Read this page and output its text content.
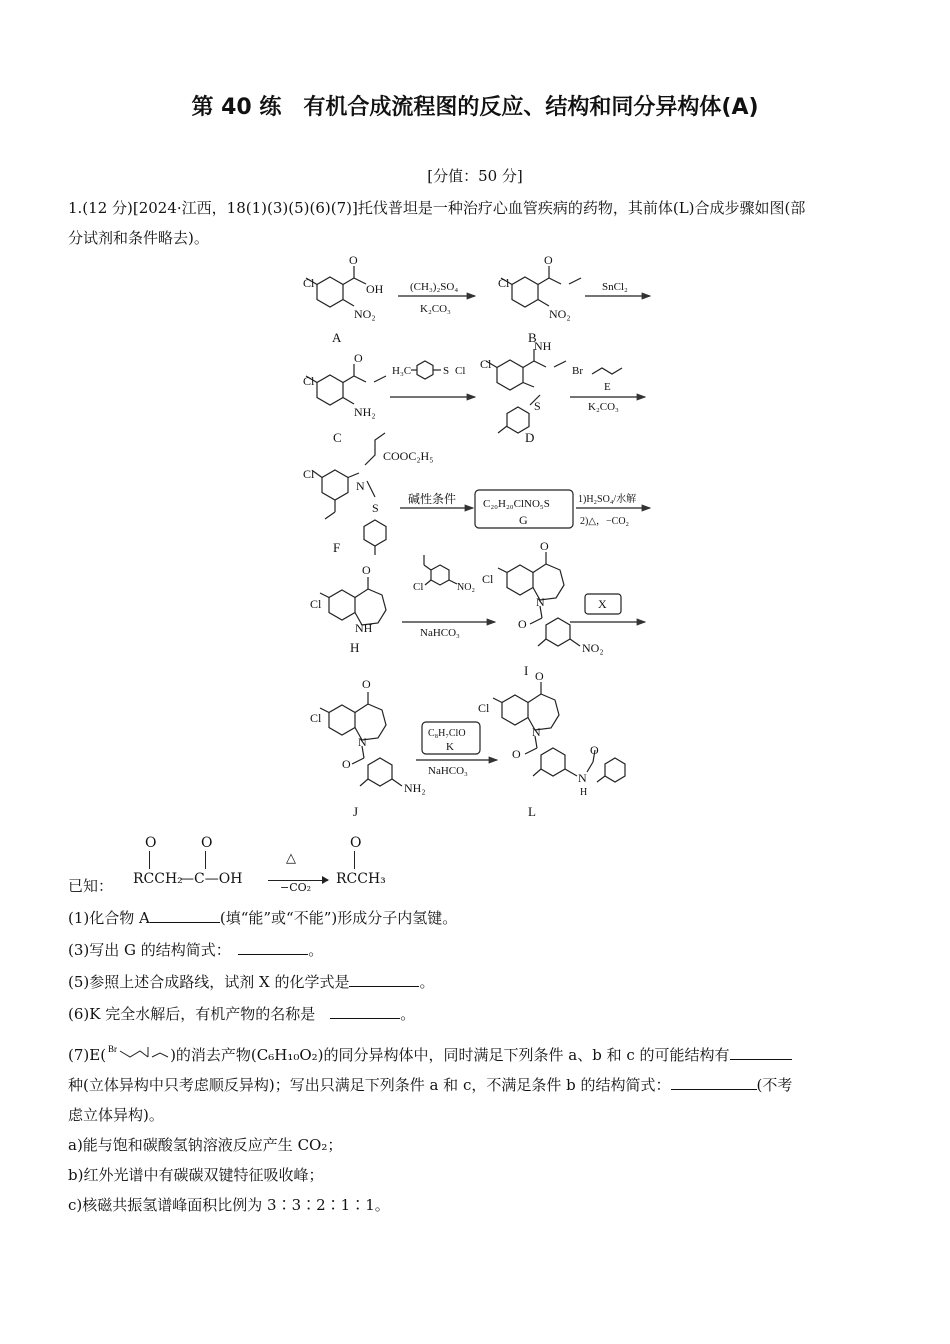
第 40 练　有机合成流程图的反应、结构和同分异构体(A)
[分值：50 分]
1.(12 分)[2024·江西，18(1)(3)(5)(6)(7)]托伐普坦是一种治疗心血管疾病的药物，其前体(L)合成步骤如图(部
分试剂和条件略去)。
Cl	OH
O
NO₂
A
(CH₃)₂SO₄
K₂CO₃
Cl
O
NO₂
B
SnCl₂
Cl
O
NH₂
C
H₃C	S Cl Cl
NH
S
D
Br
E
K₂CO₃
Cl
COOC₂H₅
N
S
F
碱性条件 C₂₀H₂₀ClNO₅S
G
1)H₂SO₄/水解
2)△，−CO₂
Cl
O
NH
H
Cl	NO₂
NaHCO₃
Cl
O
N
O
NO₂
I
X
Cl
O
N
O
NH₂
J
C₈H₇ClO
K
NaHCO₃
Cl
O
N
O
N
H
O
L
已知：
O	O	O
RCCH₂
—C—OH
△
−CO₂
RCCH₃
(1)化合物 A	(填“能”或“不能”)形成分子内氢键。
(3)写出 G 的结构简式：　	。
(5)参照上述合成路线，试剂 X 的化学式是	。
(6)K 完全水解后，有机产物的名称是　	。
(7)E( Br	)的消去产物(C₆H₁₀O₂)的同分异构体中，同时满足下列条件 a、b 和 c 的可能结构有
种(立体异构中只考虑顺反异构)；写出只满足下列条件 a 和 c，不满足条件 b 的结构简式：	(不考
虑立体异构)。
a)能与饱和碳酸氢钠溶液反应产生 CO₂；
b)红外光谱中有碳碳双键特征吸收峰；
c)核磁共振氢谱峰面积比例为 3∶3∶2∶1∶1。
